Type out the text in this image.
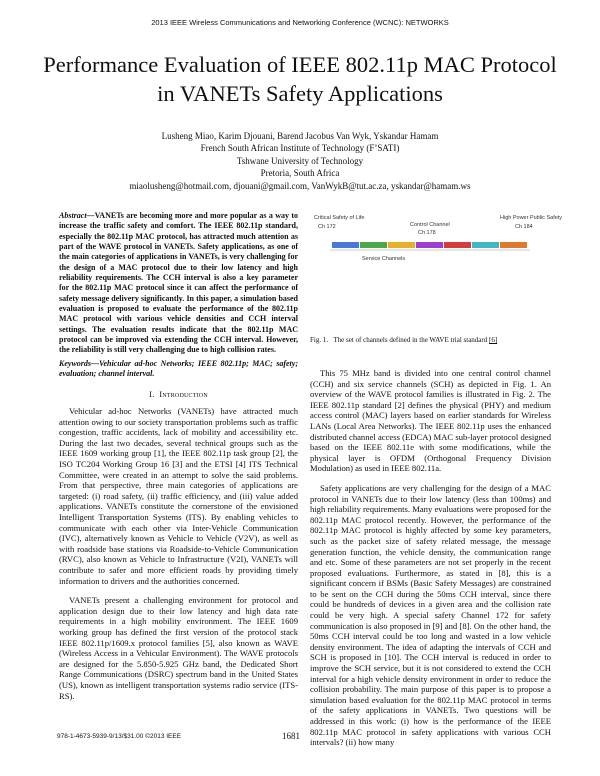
2013 IEEE Wireless Communications and Networking Conference (WCNC): NETWORKS
Performance Evaluation of IEEE 802.11p MAC Protocol in VANETs Safety Applications
Lusheng Miao, Karim Djouani, Barend Jacobus Van Wyk, Yskandar Hamam
French South African Institute of Technology (F’SATI)
Tshwane University of Technology
Pretoria, South Africa
miaolusheng@hotmail.com, djouani@gmail.com, VanWykB@tut.ac.za, yskandar@hamam.ws

Abstract—VANETs are becoming more and more popular as a way to increase the traffic safety and comfort. The IEEE 802.11p standard, especially the 802.11p MAC protocol, has attracted much attention as part of the WAVE protocol in VANETs. Safety applications, as one of the main categories of applications in VANETs, is very challenging for the design of a MAC protocol due to their low latency and high reliability requirements. The CCH interval is also a key parameter for the 802.11p MAC protocol since it can affect the performance of safety message delivery significantly. In this paper, a simulation based evaluation is proposed to evaluate the performance of the 802.11p MAC protocol with various vehicle densities and CCH interval settings. The evaluation results indicate that the 802.11p MAC protocol can be improved via extending the CCH interval. However, the reliability is still very challenging due to high collision rates.

Keywords—Vehicular ad-hoc Networks; IEEE 802.11p; MAC; safety; evaluation; channel interval.

I. Introduction

Vehicular ad-hoc Networks (VANETs) have attracted much attention owing to our society transportation problems such as traffic congestion, traffic accidents, lack of mobility and accessibility etc. During the last two decades, several technical groups such as the IEEE 1609 working group [1], the IEEE 802.11p task group [2], the ISO TC204 Working Group 16 [3] and the ETSI [4] ITS Technical Committee, were created in an attempt to solve the said problems. From that perspective, three main categories of applications are targeted: (i) road safety, (ii) traffic efficiency, and (iii) value added applications. VANETs constitute the cornerstone of the envisioned Intelligent Transportation Systems (ITS). By enabling vehicles to communicate with each other via Inter-Vehicle Communication (IVC), alternatively known as Vehicle to Vehicle (V2V), as well as with roadside base stations via Roadside-to-Vehicle Communication (RVC), also known as Vehicle to Infrastructure (V2I), VANETs will contribute to safer and more efficient roads by providing timely information to drivers and the authorities concerned.

VANETs present a challenging environment for protocol and application design due to their low latency and high data rate requirements in a high mobility environment. The IEEE 1609 working group has defined the first version of the protocol stack IEEE 802.11p/1609.x protocol families [5], also known as WAVE (Wireless Access in a Vehicular Environment). The WAVE protocols are designed for the 5.850-5.925 GHz band, the Dedicated Short Range Communications (DSRC) spectrum band in the United States (US), known as intelligent transportation systems radio service (ITS-RS).

Critical Safety of Life
Ch 172	Control Channel
Ch 178
High Power Public Safety
Ch 184
Service Channels
Fig. 1. The set of channels defined in the WAVE trial standard [6]

This 75 MHz band is divided into one central control channel (CCH) and six service channels (SCH) as depicted in Fig. 1. An overview of the WAVE protocol families is illustrated in Fig. 2. The IEEE 802.11p standard [2] defines the physical (PHY) and medium access control (MAC) layers based on earlier standards for Wireless LANs (Local Area Networks). The IEEE 802.11p uses the enhanced distributed channel access (EDCA) MAC sub-layer protocol designed based on the IEEE 802.11e with some modifications, while the physical layer is OFDM (Orthogonal Frequency Division Modulation) as used in IEEE 802.11a.

Safety applications are very challenging for the design of a MAC protocol in VANETs due to their low latency (less than 100ms) and high reliability requirements. Many evaluations were proposed for the 802.11p MAC protocol recently. However, the performance of the 802.11p MAC protocol is highly affected by some key parameters, such as the packet size of safety related message, the message generation function, the vehicle density, the communication range and etc. Some of these parameters are not set properly in the recent proposed evaluations. Furthermore, as stated in [8], this is a significant concern if BSMs (Basic Safety Messages) are constrained to be sent on the CCH during the 50ms CCH interval, since there could be hundreds of devices in a given area and the collision rate could be very high. A special safety Channel 172 for safety communication is also proposed in [9] and [8]. On the other hand, the 50ms CCH interval could be too long and wasted in a low vehicle density environment. The idea of adapting the intervals of CCH and SCH is proposed in [10]. The CCH interval is reduced in order to improve the SCH service, but it is not considered to extend the CCH interval for a high vehicle density environment in order to reduce the collision probability. The main purpose of this paper is to propose a simulation based evaluation for the 802.11p MAC protocol in terms of the safety applications in VANETs. Two questions will be addressed in this work: (i) how is the performance of the IEEE 802.11p MAC protocol in safety applications with various CCH intervals? (ii) how many

978-1-4673-5939-9/13/$31.00 ©2013 IEEE	1681
